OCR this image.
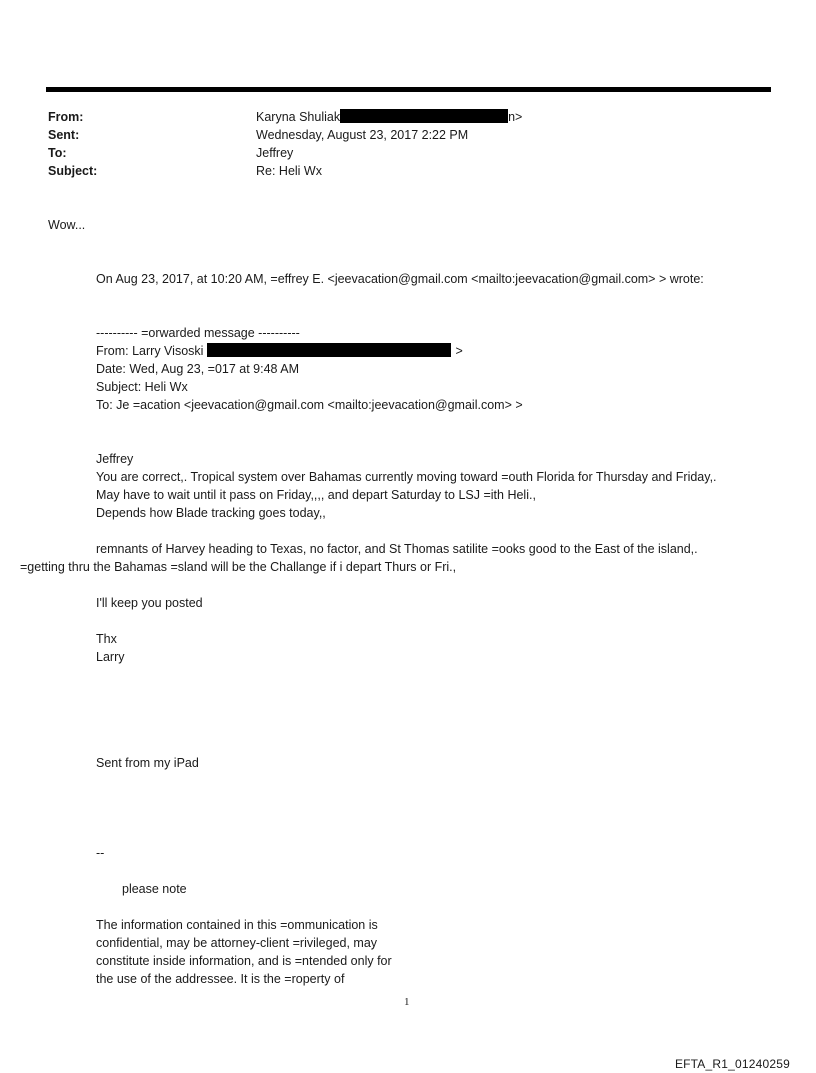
From:	Karyna Shuliak	n>
Sent:	Wednesday, August 23, 2017 2:22 PM
To:	Jeffrey
Subject:	Re: Heli Wx
Wow...
On Aug 23, 2017, at 10:20 AM, =effrey E. <jeevacation@gmail.com <mailto:jeevacation@gmail.com> > wrote:
---------- =orwarded message ----------
From: Larry Visoski	>
Date: Wed, Aug 23, =017 at 9:48 AM
Subject: Heli Wx
To: Je =acation <jeevacation@gmail.com <mailto:jeevacation@gmail.com> >
Jeffrey
You are correct,. Tropical system over Bahamas currently moving toward =outh Florida for Thursday and Friday,.
May have to wait until it pass on Friday,,,, and depart Saturday to LSJ =ith Heli.,
Depends how Blade tracking goes today,,
remnants of Harvey heading to Texas, no factor, and St Thomas satilite =ooks good to the East of the island,.
=getting thru the Bahamas =sland will be the Challange if i depart Thurs or Fri.,
I'll keep you posted
Thx
Larry
Sent from my iPad
--
please note
The information contained in this =ommunication is
confidential, may be attorney-client =rivileged, may
constitute inside information, and is =ntended only for
the use of the addressee. It is the =roperty of
1
EFTA_R1_01240259
